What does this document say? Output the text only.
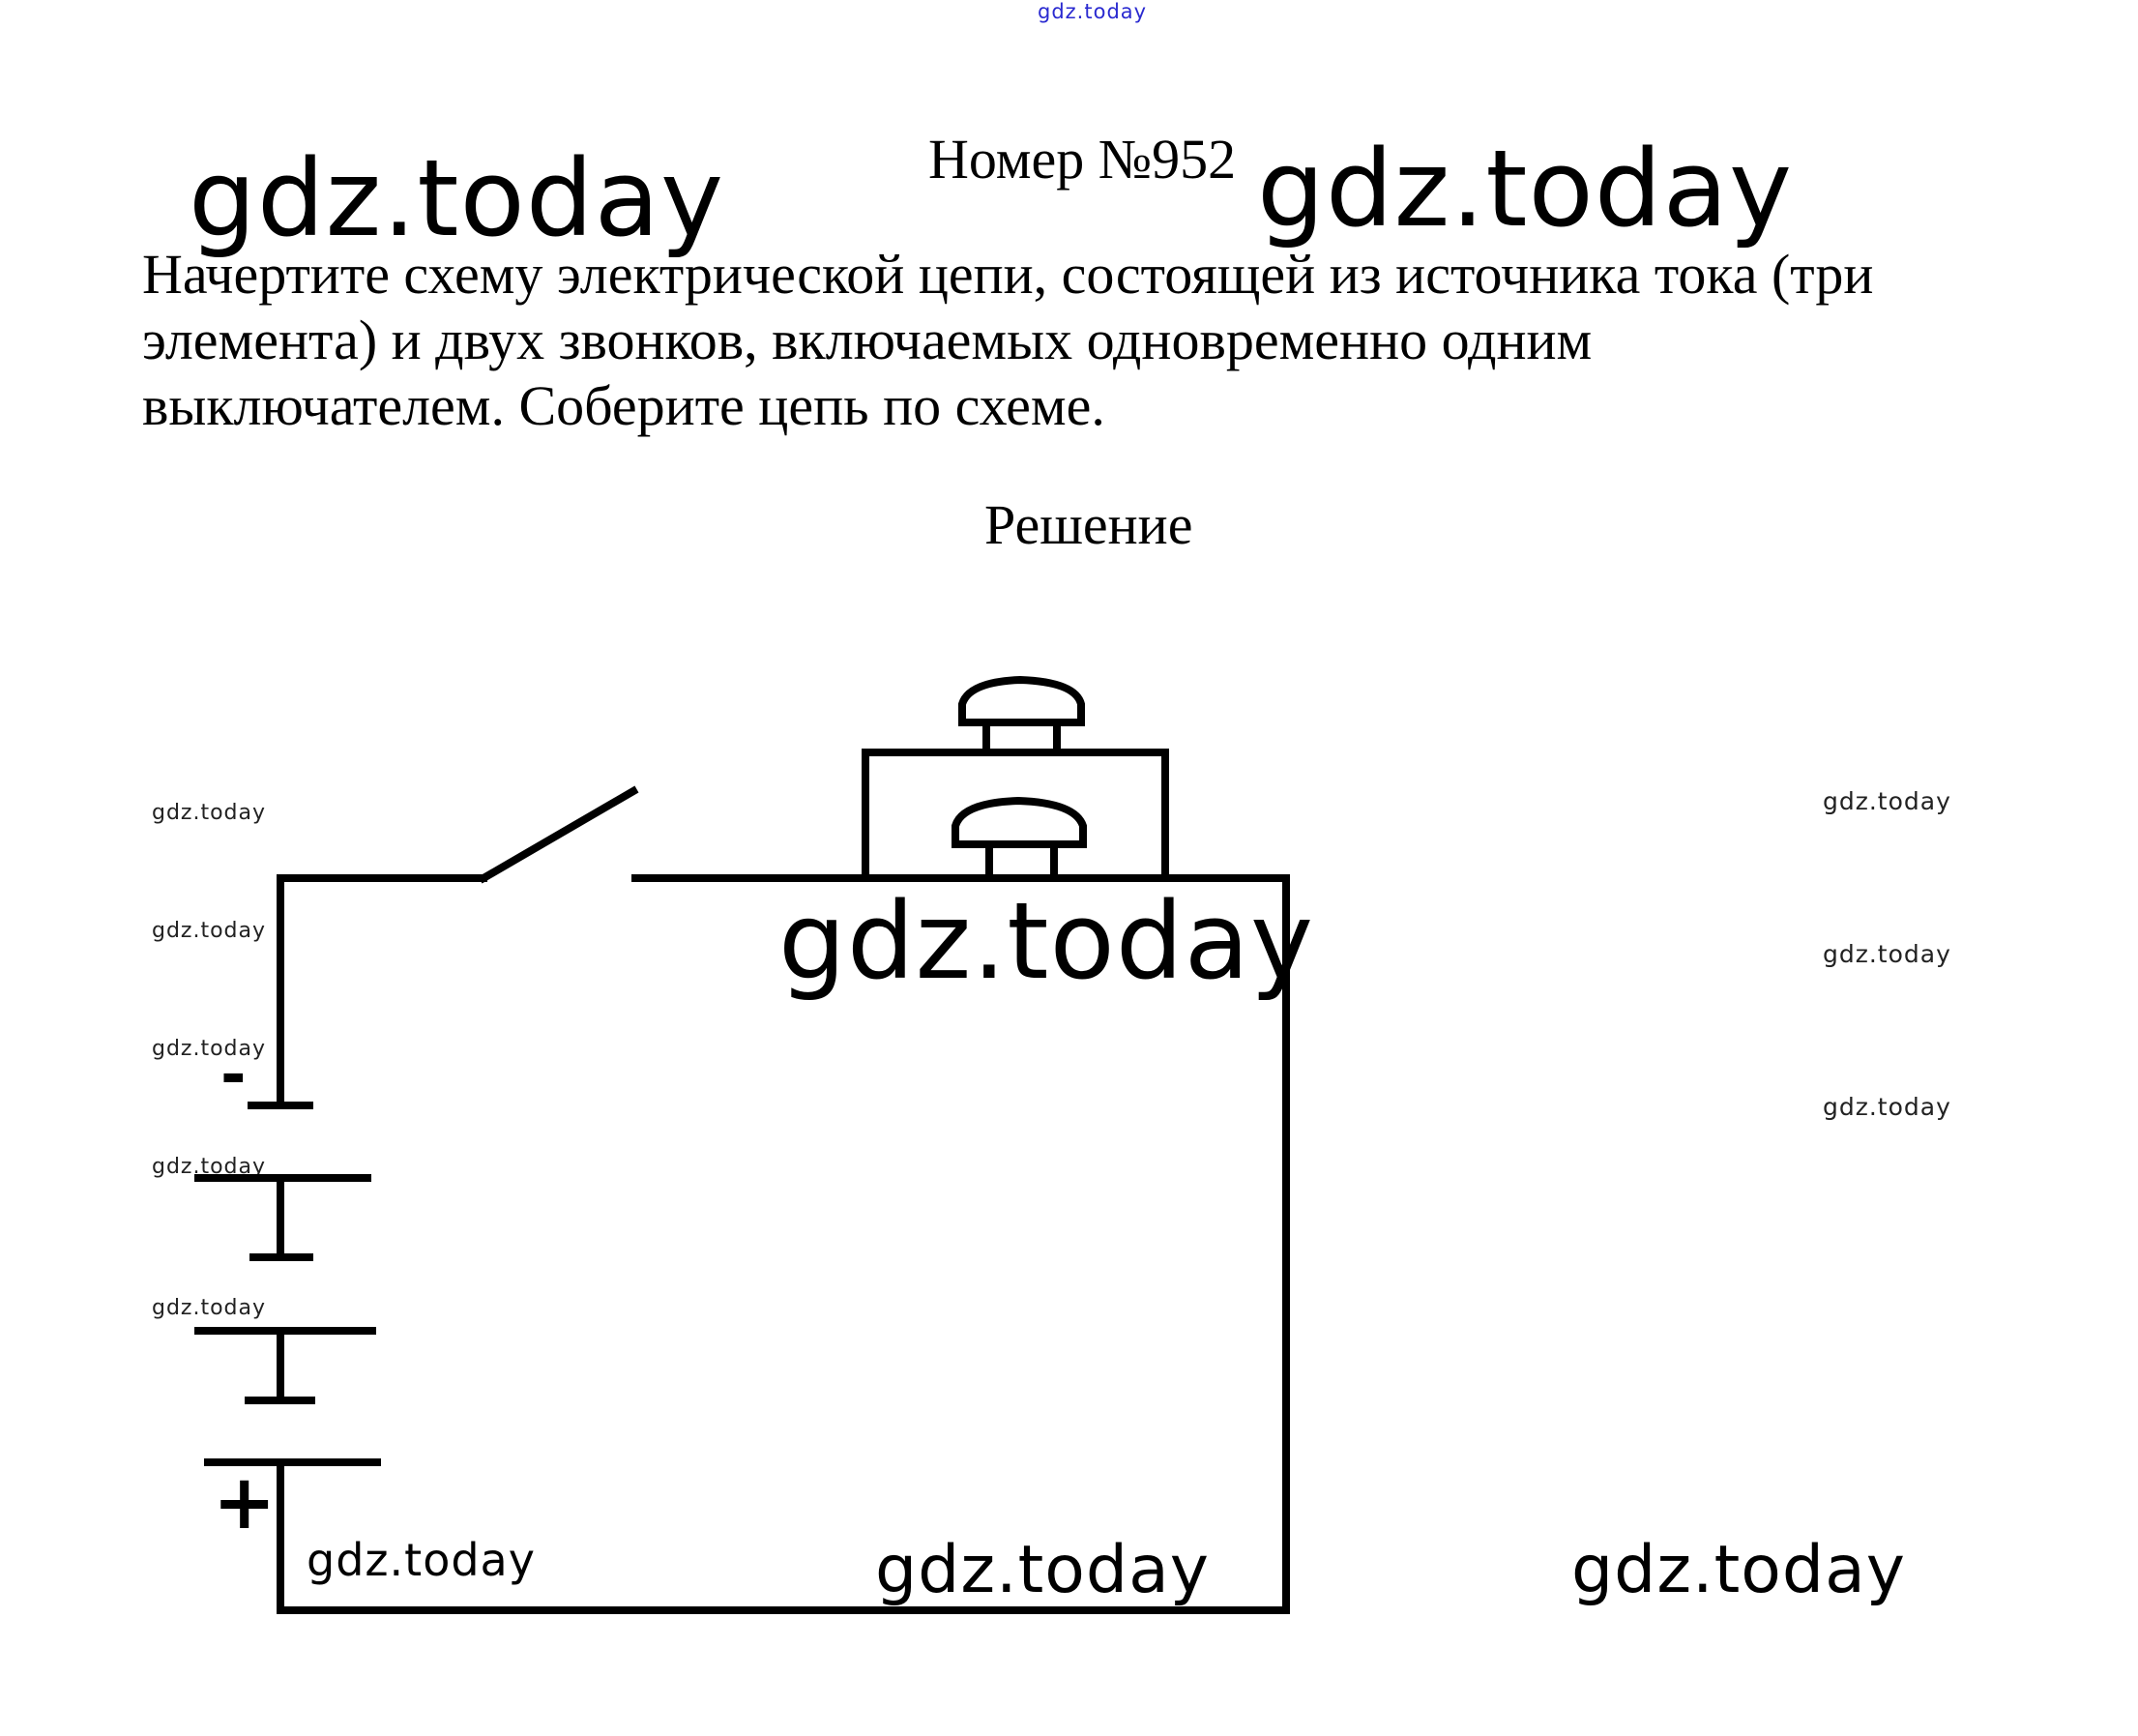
gdz.today
gdz.today	gdz.today
gdz.today
gdz.today
gdz.today
gdz.today
gdz.today
gdz.today
gdz.today
gdz.today
gdz.today
gdz.today	gdz.today	gdz.today
Номер №952
Начертите схему электрической цепи, состоящей из источника тока (три
элемента) и двух звонков, включаемых одновременно одним
выключателем. Соберите цепь по схеме.
Решение
-
+
